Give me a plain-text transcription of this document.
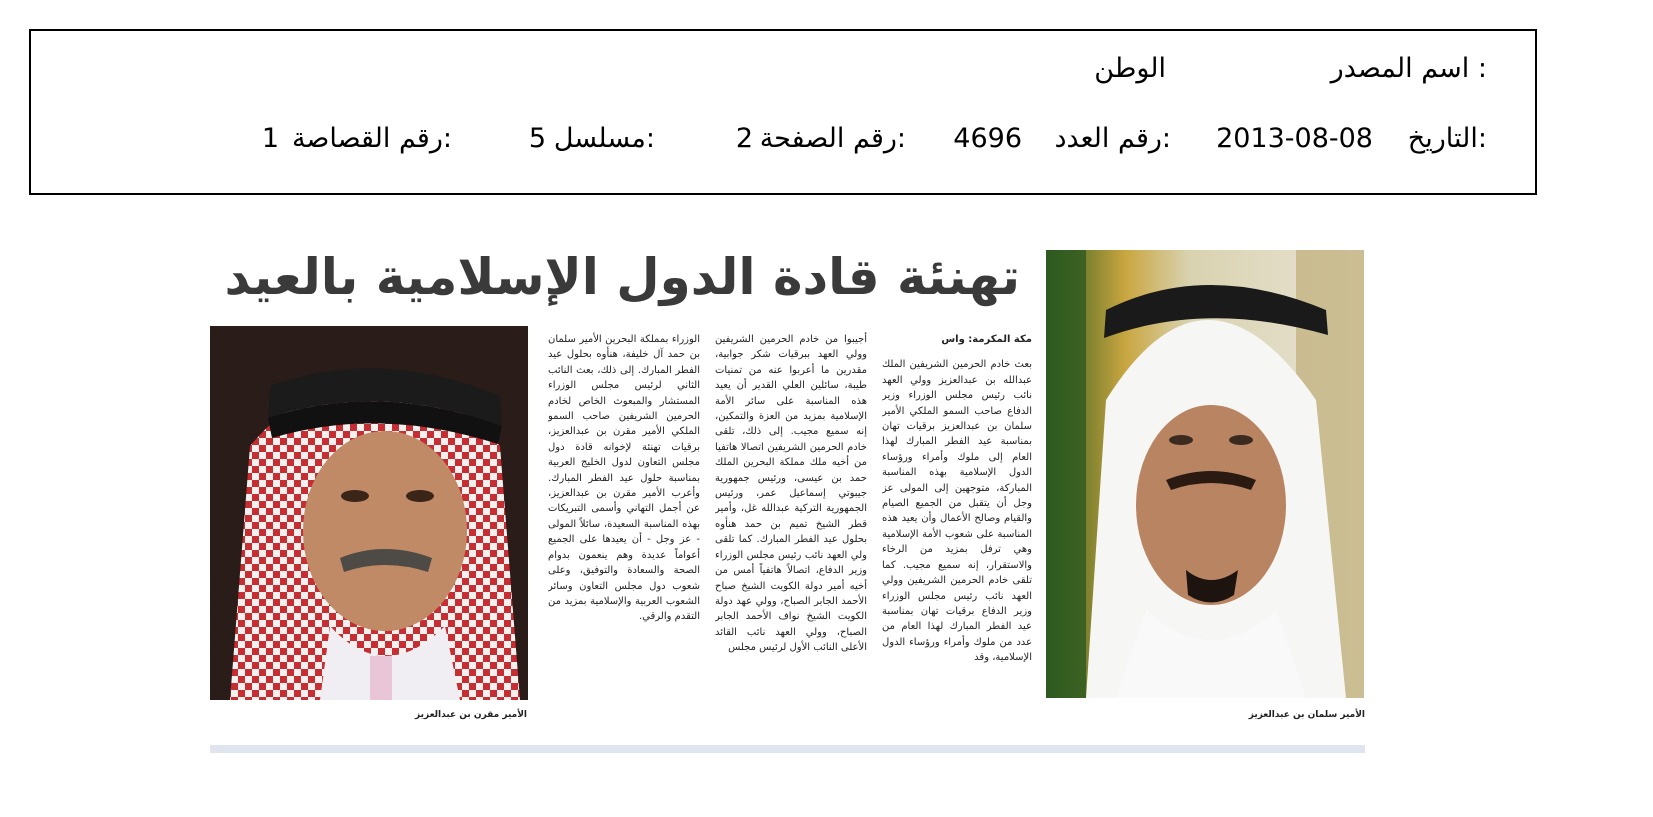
اسم المصدر :
الوطن
التاريخ:
2013-08-08
رقم العدد:
4696
رقم الصفحة:
2
مسلسل:
5
رقم القصاصة:
1
تهنئة قادة الدول الإسلامية بالعيد
الأمير سلمان بن عبدالعزيز
مكة المكرمة: واس
بعث خادم الحرمين الشريفين الملك عبدالله بن عبدالعزيز وولي العهد نائب رئيس مجلس الوزراء وزير الدفاع صاحب السمو الملكي الأمير سلمان بن عبدالعزيز برقيات تهان بمناسبة عيد الفطر المبارك لهذا العام إلى ملوك وأمراء ورؤساء الدول الإسلامية بهذه المناسبة المباركة، متوجهين إلى المولى عز وجل أن يتقبل من الجميع الصيام والقيام وصالح الأعمال وأن يعيد هذه المناسبة على شعوب الأمة الإسلامية وهي ترفل بمزيد من الرخاء والاستقرار، إنه سميع مجيب. كما تلقى خادم الحرمين الشريفين وولي العهد نائب رئيس مجلس الوزراء وزير الدفاع برقيات تهان بمناسبة عيد الفطر المبارك لهذا العام من عدد من ملوك وأمراء ورؤساء الدول الإسلامية، وقد
أجيبوا من خادم الحرمين الشريفين وولي العهد ببرقيات شكر جوابية، مقدرين ما أعربوا عنه من تمنيات طيبة، سائلين العلي القدير أن يعيد هذه المناسبة على سائر الأمة الإسلامية بمزيد من العزة والتمكين، إنه سميع مجيب. إلى ذلك، تلقى خادم الحرمين الشريفين اتصالا هاتفيا من أخيه ملك مملكة البحرين الملك حمد بن عيسى، ورئيس جمهورية جيبوتي إسماعيل عمر، ورئيس الجمهورية التركية عبدالله غل، وأمير قطر الشيخ تميم بن حمد هنأوه بحلول عيد الفطر المبارك. كما تلقى ولي العهد نائب رئيس مجلس الوزراء وزير الدفاع، اتصالاً هاتفياً أمس من أخيه أمير دولة الكويت الشيخ صباح الأحمد الجابر الصباح، وولي عهد دولة الكويت الشيخ نواف الأحمد الجابر الصباح، وولي العهد نائب القائد الأعلى النائب الأول لرئيس مجلس
الوزراء بمملكة البحرين الأمير سلمان بن حمد آل خليفة، هنأوه بحلول عيد الفطر المبارك. إلى ذلك، بعث النائب الثاني لرئيس مجلس الوزراء المستشار والمبعوث الخاص لخادم الحرمين الشريفين صاحب السمو الملكي الأمير مقرن بن عبدالعزيز، برقيات تهنئة لإخوانه قادة دول مجلس التعاون لدول الخليج العربية بمناسبة حلول عيد الفطر المبارك. وأعرب الأمير مقرن بن عبدالعزيز، عن أجمل التهاني وأسمى التبريكات بهذه المناسبة السعيدة، سائلاً المولى - عز وجل - أن يعيدها على الجميع أعواماً عديدة وهم ينعمون بدوام الصحة والسعادة والتوفيق، وعلى شعوب دول مجلس التعاون وسائر الشعوب العربية والإسلامية بمزيد من التقدم والرقي.
الأمير مقرن بن عبدالعزيز
